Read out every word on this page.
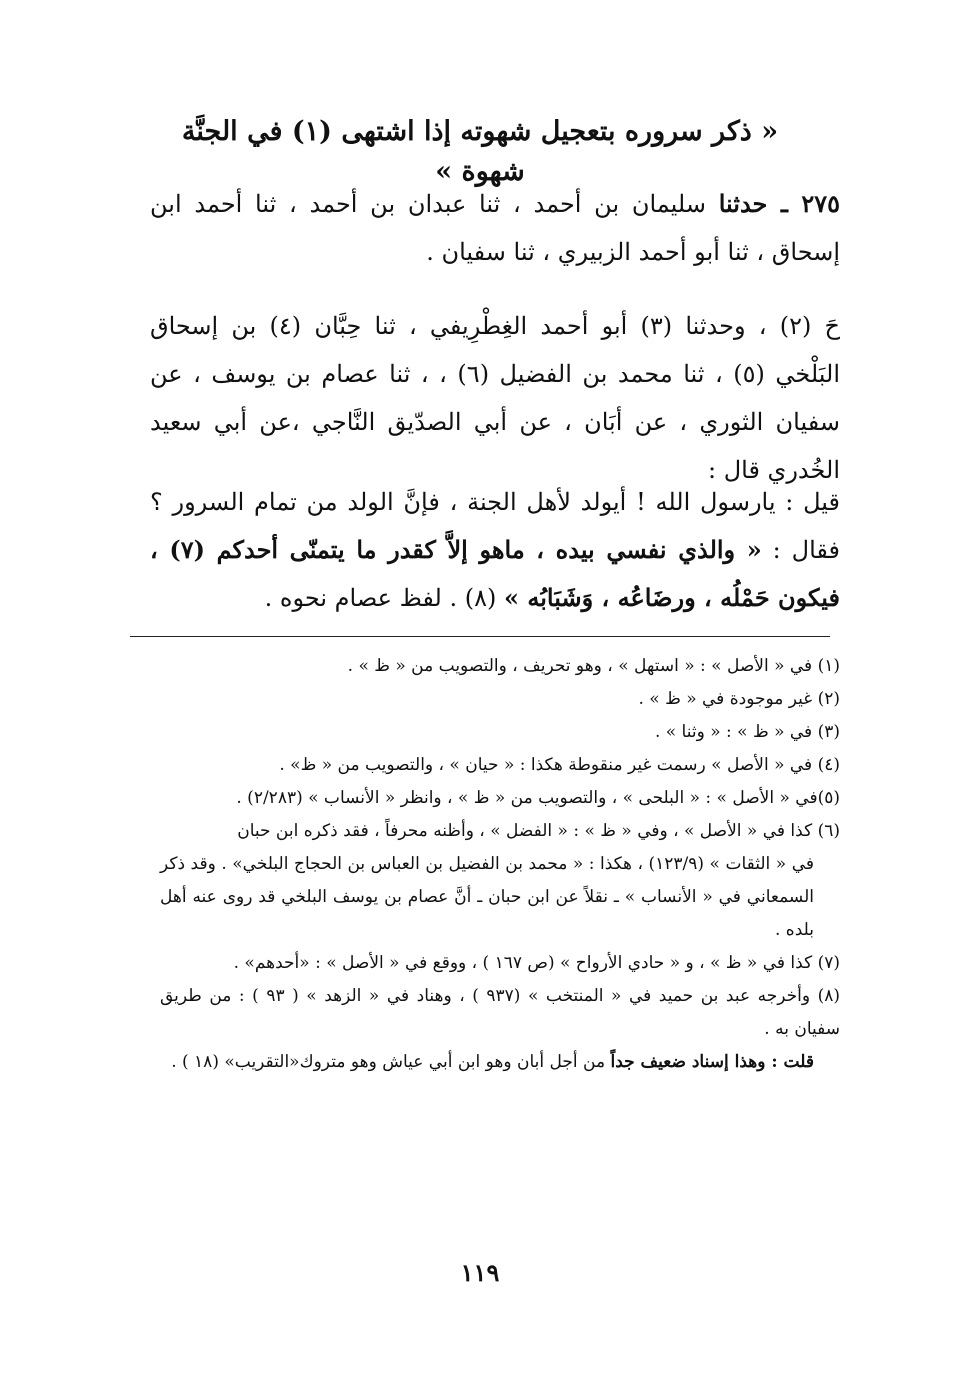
« ذكر سروره بتعجيل شهوته إذا اشتهى (١) في الجنَّة شهوة »

٢٧٥ ـ حدثنا سليمان بن أحمد ، ثنا عبدان بن أحمد ، ثنا أحمد ابن إسحاق ، ثنا أبو أحمد الزبيري ، ثنا سفيان .

حَ (٢) ، وحدثنا (٣) أبو أحمد الغِطْرِيفي ، ثنا حِبَّان (٤) بن إسحاق البَلْخي (٥) ، ثنا محمد بن الفضيل (٦) ، ، ثنا عصام بن يوسف ، عن سفيان الثوري ، عن أبَان ، عن أبي الصدّيق النَّاجي ،عن أبي سعيد الخُدري قال :

قيل : يارسول الله ! أيولد لأهل الجنة ، فإنَّ الولد من تمام السرور ؟ فقال : « والذي نفسي بيده ، ماهو إلاَّ كقدر ما يتمنّى أحدكم (٧) ، فيكون حَمْلُه ، ورضَاعُه ، وَشَبَابُه » (٨) . لفظ عصام نحوه .

(١) في « الأصل » : « استهل » ، وهو تحريف ، والتصويب من « ظ » .

(٢) غير موجودة في « ظ » .

(٣) في « ظ » : « وثنا » .

(٤) في « الأصل » رسمت غير منقوطة هكذا : « حيان » ، والتصويب من « ظ» .

(٥)في « الأصل » : « البلحى » ، والتصويب من « ظ » ، وانظر « الأنساب » (٢/٢٨٣) .

(٦) كذا في « الأصل » ، وفي « ظ » : « الفضل » ، وأظنه محرفاً ، فقد ذكره ابن حبان

في « الثقات » (١٢٣/٩) ، هكذا : « محمد بن الفضيل بن العباس بن الحجاج البلخي» . وقد ذكر السمعاني في « الأنساب » ـ نقلاً عن ابن حبان ـ أنَّ عصام بن يوسف البلخي قد روى عنه أهل بلده .

(٧) كذا في « ظ » ، و « حادي الأرواح » (ص ١٦٧ ) ، ووقع في « الأصل » : «أحدهم» .

(٨) وأخرجه عبد بن حميد في « المنتخب » (٩٣٧ ) ، وهناد في « الزهد » ( ٩٣ ) : من طريق سفيان به .

قلت : وهذا إسناد ضعيف جداً من أجل أبان وهو ابن أبي عياش وهو متروك«التقريب» (١٨ ) .

١١٩
